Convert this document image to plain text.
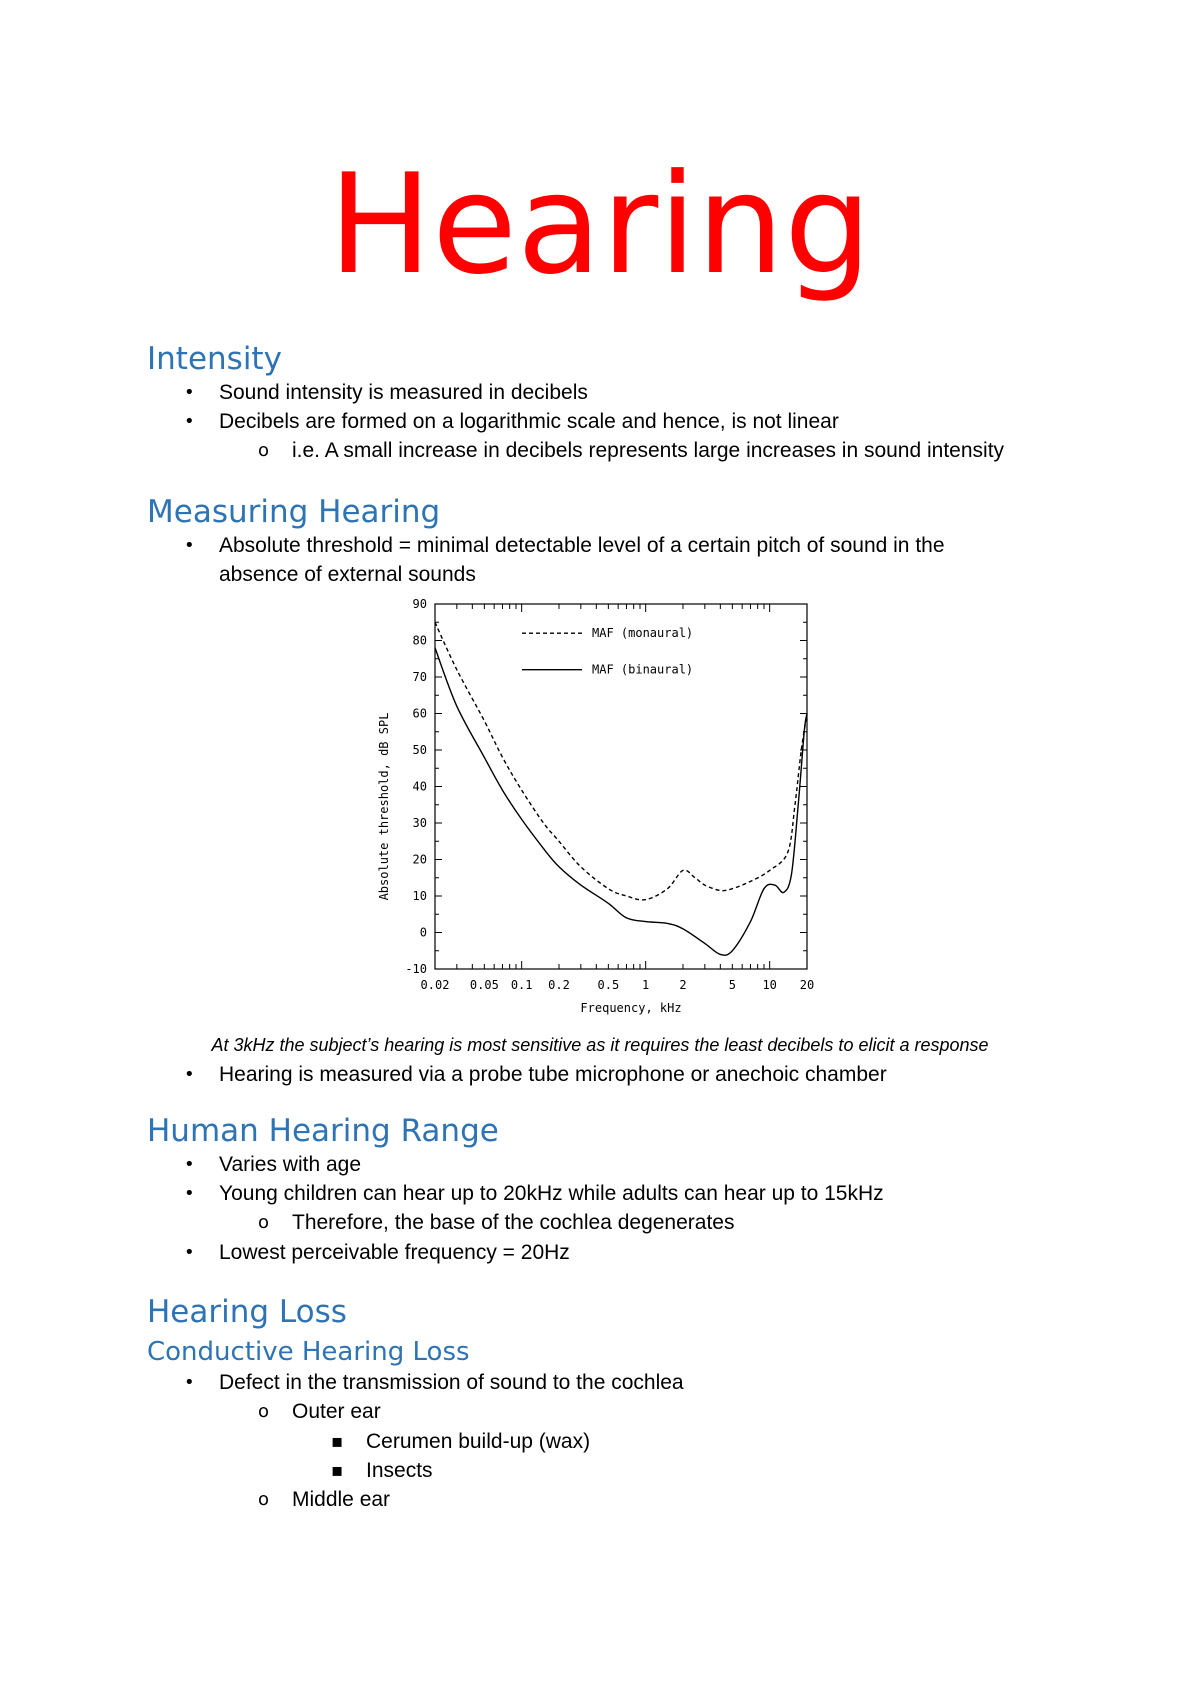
Hearing
Intensity
• Sound intensity is measured in decibels

• Decibels are formed on a logarithmic scale and hence, is not linear

o i.e. A small increase in decibels represents large increases in sound intensity

Measuring Hearing
• Absolute threshold = minimal detectable level of a certain pitch of sound in the

absence of external sounds

-10
0
10
20
30
40
50
60
70
80
90
0.02 0.05 0.1 0.2 0.5 1	2	5 10 20
Frequency, kHz
Absolute threshold, dB SPL
MAF (monaural)
MAF (binaural)

At 3kHz the subject’s hearing is most sensitive as it requires the least decibels to elicit a response

• Hearing is measured via a probe tube microphone or anechoic chamber

Human Hearing Range
• Varies with age

• Young children can hear up to 20kHz while adults can hear up to 15kHz

o Therefore, the base of the cochlea degenerates

• Lowest perceivable frequency = 20Hz

Hearing Loss
Conductive Hearing Loss
• Defect in the transmission of sound to the cochlea

o Outer ear

▪ Cerumen build-up (wax)

▪ Insects

o Middle ear
